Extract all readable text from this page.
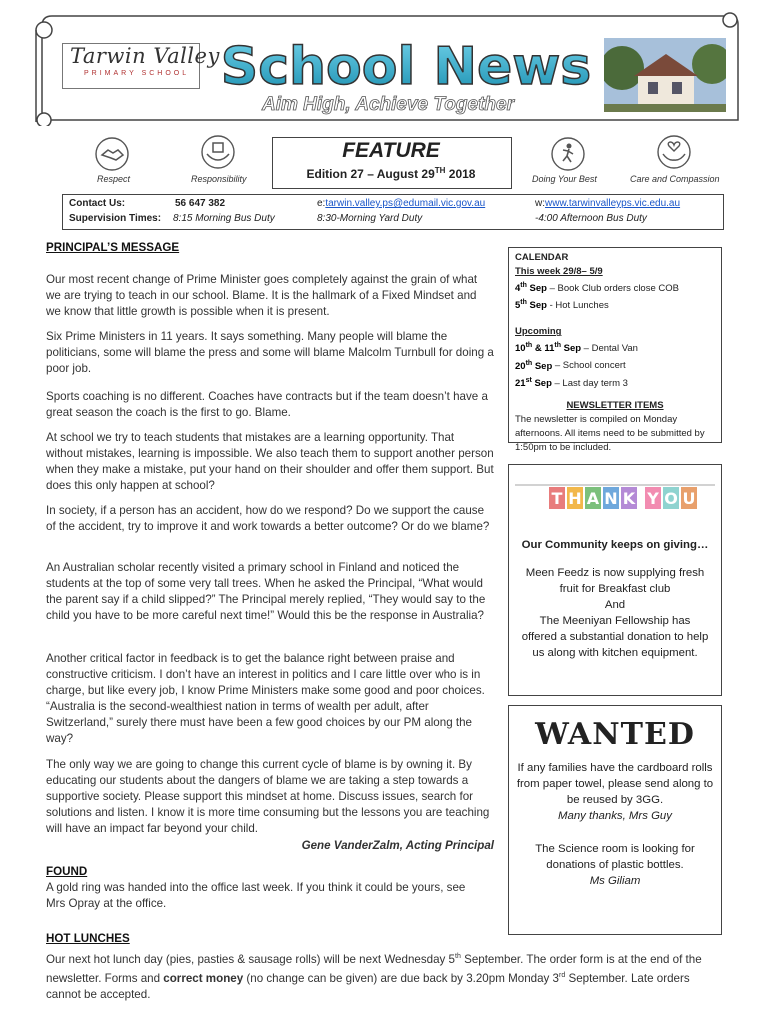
Tarwin Valley
PRIMARY SCHOOL School News
Aim High, Achieve Together
Respect	Responsibility
FEATURE
Edition 27 – August 29TH 2018	Doing Your Best	Care and Compassion
Contact Us:	56 647 382	e:tarwin.valley.ps@edumail.vic.gov.au	w:www.tarwinvalleyps.vic.edu.au
Supervision Times: 8:15 Morning Bus Duty	8:30-Morning Yard Duty	-4:00 Afternoon Bus Duty

PRINCIPAL’S MESSAGE

Our most recent change of Prime Minister goes completely against the grain of what we are trying to teach in our school. Blame. It is the hallmark of a Fixed Mindset and we know that little growth is possible when it is present.

Six Prime Ministers in 11 years. It says something. Many people will blame the politicians, some will blame the press and some will blame Malcolm Turnbull for doing a poor job.

Sports coaching is no different. Coaches have contracts but if the team doesn’t have a great season the coach is the first to go. Blame.

At school we try to teach students that mistakes are a learning opportunity. That without mistakes, learning is impossible. We also teach them to support another person when they make a mistake, put your hand on their shoulder and offer them support. But does this only happen at school?

In society, if a person has an accident, how do we respond? Do we support the cause of the accident, try to improve it and work towards a better outcome? Or do we blame?

An Australian scholar recently visited a primary school in Finland and noticed the students at the top of some very tall trees. When he asked the Principal, “What would the parent say if a child slipped?” The Principal merely replied, “They would say to the child you have to be more careful next time!” Would this be the response in Australia?

Another critical factor in feedback is to get the balance right between praise and constructive criticism. I don’t have an interest in politics and I care little over who is in charge, but like every job, I know Prime Ministers make some good and poor choices. “Australia is the second-wealthiest nation in terms of wealth per adult, after Switzerland,” surely there must have been a few good choices by our PM along the way?

The only way we are going to change this current cycle of blame is by owning it. By educating our students about the dangers of blame we are taking a step towards a supportive society. Please support this mindset at home. Discuss issues, search for solutions and listen. I know it is more time consuming but the lessons you are teaching will have an impact far beyond your child.

Gene VanderZalm, Acting Principal

FOUND

A gold ring was handed into the office last week. If you think it could be yours, see Mrs Opray at the office.

HOT LUNCHES
Our next hot lunch day (pies, pasties & sausage rolls) will be next Wednesday 5th September. The order form is at the end of the newsletter. Forms and correct money (no change can be given) are due back by 3.20pm Monday 3rd September. Late orders cannot be accepted.
CALENDAR
This week 29/8– 5/9
4th Sep – Book Club orders close COB
5th Sep - Hot Lunches
Upcoming
10th & 11th Sep – Dental Van
20th Sep – School concert
21st Sep – Last day term 3
NEWSLETTER ITEMS
The newsletter is compiled on Monday afternoons. All items need to be submitted by 1:50pm to be included.
T H A N K Y O U
Our Community keeps on giving…
Meen Feedz is now supplying fresh fruit for Breakfast club
And
The Meeniyan Fellowship has offered a substantial donation to help us along with kitchen equipment.
WANTED
If any families have the cardboard rolls from paper towel, please send along to be reused by 3GG.
Many thanks, Mrs Guy
The Science room is looking for donations of plastic bottles.
Ms Giliam
